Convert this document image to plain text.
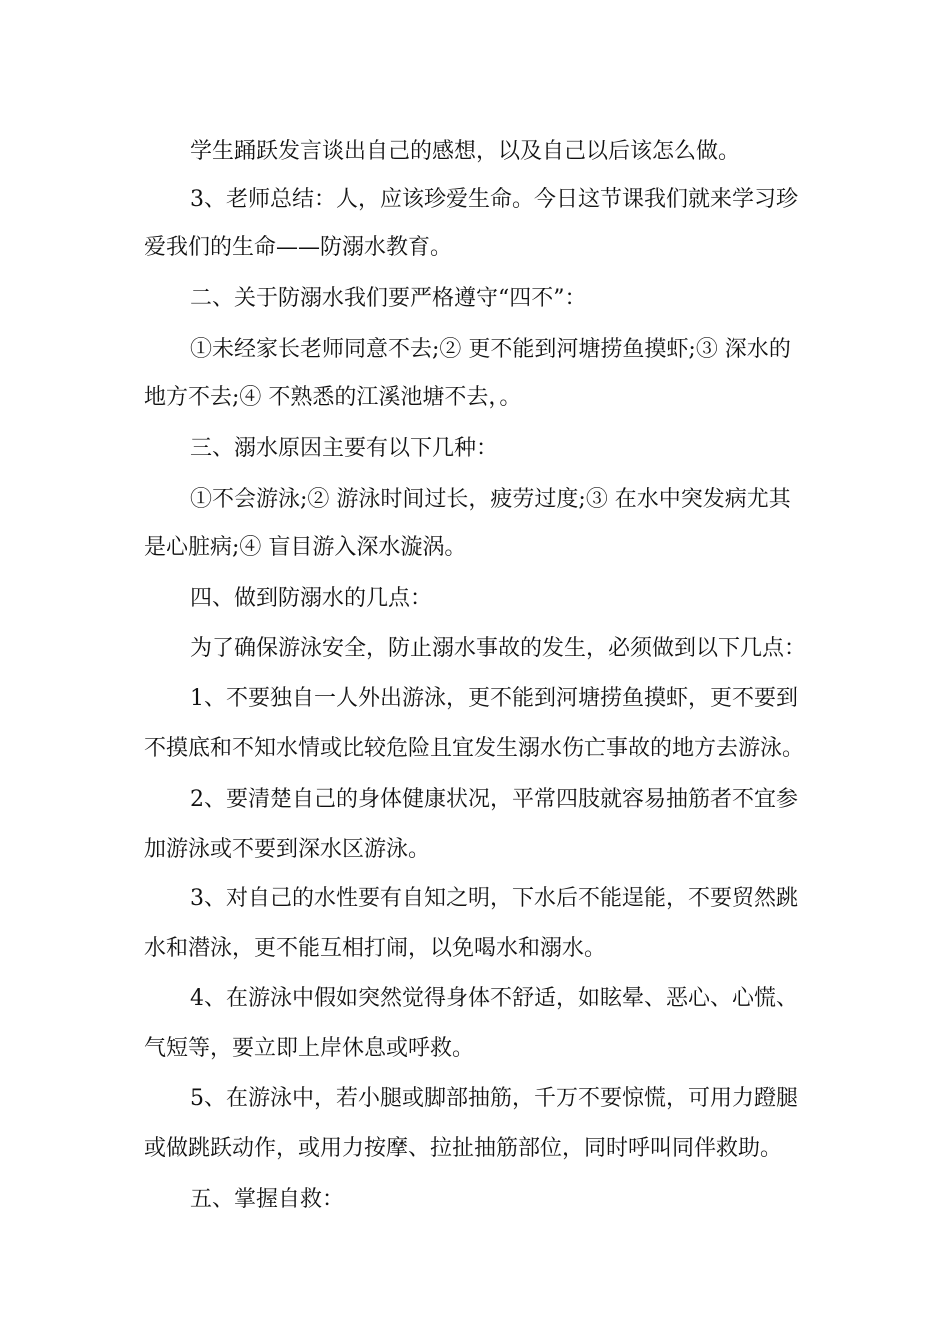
学生踊跃发言谈出自己的感想，以及自己以后该怎么做。
3、老师总结：人，应该珍爱生命。今日这节课我们就来学习珍
爱我们的生命——防溺水教育。
二、关于防溺水我们要严格遵守“四不”：
①未经家长老师同意不去;② 更不能到河塘捞鱼摸虾;③ 深水的
地方不去;④ 不熟悉的江溪池塘不去，。
三、溺水原因主要有以下几种：
①不会游泳;② 游泳时间过长，疲劳过度;③ 在水中突发病尤其
是心脏病;④ 盲目游入深水漩涡。
四、做到防溺水的几点：
为了确保游泳安全，防止溺水事故的发生，必须做到以下几点：
1、不要独自一人外出游泳，更不能到河塘捞鱼摸虾，更不要到
不摸底和不知水情或比较危险且宜发生溺水伤亡事故的地方去游泳。
2、要清楚自己的身体健康状况，平常四肢就容易抽筋者不宜参
加游泳或不要到深水区游泳。
3、对自己的水性要有自知之明，下水后不能逞能，不要贸然跳
水和潜泳，更不能互相打闹，以免喝水和溺水。
4、在游泳中假如突然觉得身体不舒适，如眩晕、恶心、心慌、
气短等，要立即上岸休息或呼救。
5、在游泳中，若小腿或脚部抽筋，千万不要惊慌，可用力蹬腿
或做跳跃动作，或用力按摩、拉扯抽筋部位，同时呼叫同伴救助。
五、掌握自救：
